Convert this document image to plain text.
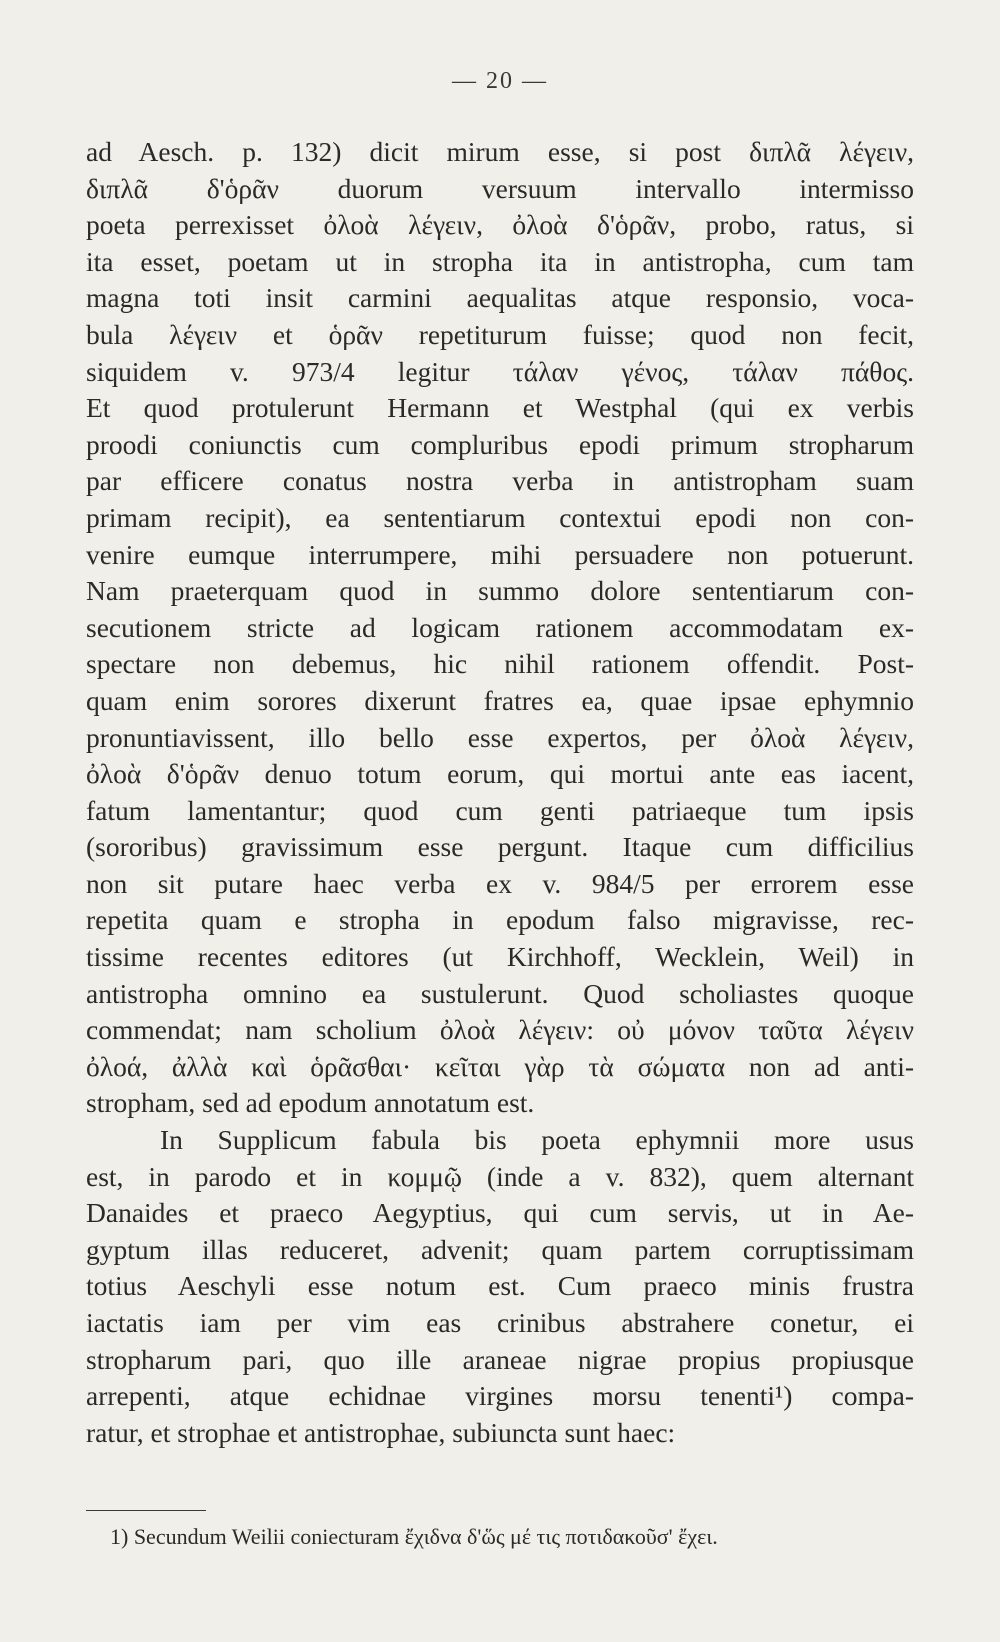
— 20 —
ad Aesch. p. 132) dicit mirum esse, si post διπλᾶ λέγειν,
διπλᾶ δ'ὁρᾶν duorum versuum intervallo intermisso
poeta perrexisset ὀλοὰ λέγειν, ὀλοὰ δ'ὁρᾶν, probo, ratus, si
ita esset, poetam ut in stropha ita in antistropha, cum tam
magna toti insit carmini aequalitas atque responsio, voca-
bula λέγειν et ὁρᾶν repetiturum fuisse; quod non fecit,
siquidem v. 973/4 legitur τάλαν γένος, τάλαν πάθος.
Et quod protulerunt Hermann et Westphal (qui ex verbis
proodi coniunctis cum compluribus epodi primum stropharum
par efficere conatus nostra verba in antistropham suam
primam recipit), ea sententiarum contextui epodi non con-
venire eumque interrumpere, mihi persuadere non potuerunt.
Nam praeterquam quod in summo dolore sententiarum con-
secutionem stricte ad logicam rationem accommodatam ex-
spectare non debemus, hic nihil rationem offendit. Post-
quam enim sorores dixerunt fratres ea, quae ipsae ephymnio
pronuntiavissent, illo bello esse expertos, per ὀλοὰ λέγειν,
ὀλοὰ δ'ὁρᾶν denuo totum eorum, qui mortui ante eas iacent,
fatum lamentantur; quod cum genti patriaeque tum ipsis
(sororibus) gravissimum esse pergunt. Itaque cum difficilius
non sit putare haec verba ex v. 984/5 per errorem esse
repetita quam e stropha in epodum falso migravisse, rec-
tissime recentes editores (ut Kirchhoff, Wecklein, Weil) in
antistropha omnino ea sustulerunt. Quod scholiastes quoque
commendat; nam scholium ὀλοὰ λέγειν: οὐ μόνον ταῦτα λέγειν
ὀλοά, ἀλλὰ καὶ ὁρᾶσθαι· κεῖται γὰρ τὰ σώματα non ad anti-
stropham, sed ad epodum annotatum est.
In Supplicum fabula bis poeta ephymnii more usus
est, in parodo et in κομμῷ (inde a v. 832), quem alternant
Danaides et praeco Aegyptius, qui cum servis, ut in Ae-
gyptum illas reduceret, advenit; quam partem corruptissimam
totius Aeschyli esse notum est. Cum praeco minis frustra
iactatis iam per vim eas crinibus abstrahere conetur, ei
stropharum pari, quo ille araneae nigrae propius propiusque
arrepenti, atque echidnae virgines morsu tenenti¹) compa-
ratur, et strophae et antistrophae, subiuncta sunt haec:
1) Secundum Weilii coniecturam ἔχιδνα δ'ὥς μέ τις ποτιδακοῦσ' ἔχει.
